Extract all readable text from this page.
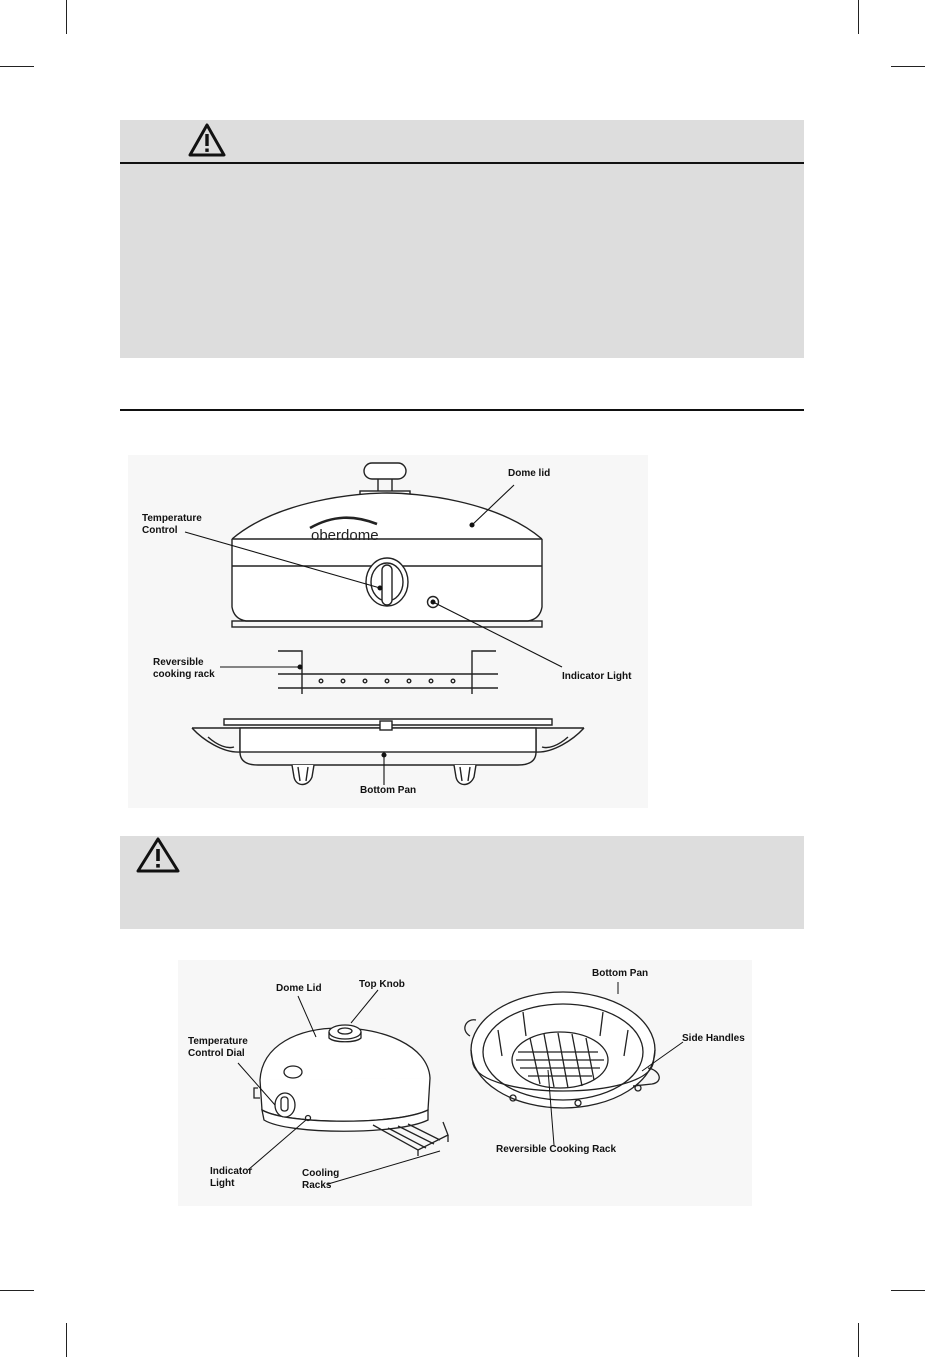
oberdome
Dome lid
Temperature
Control
Reversible
cooking rack	Indicator Light
Bottom Pan
Dome Lid	Top Knob
Temperature
Control Dial
Indicator
Light
Cooling
Racks
Bottom Pan
Side Handles
Reversible Cooking Rack
